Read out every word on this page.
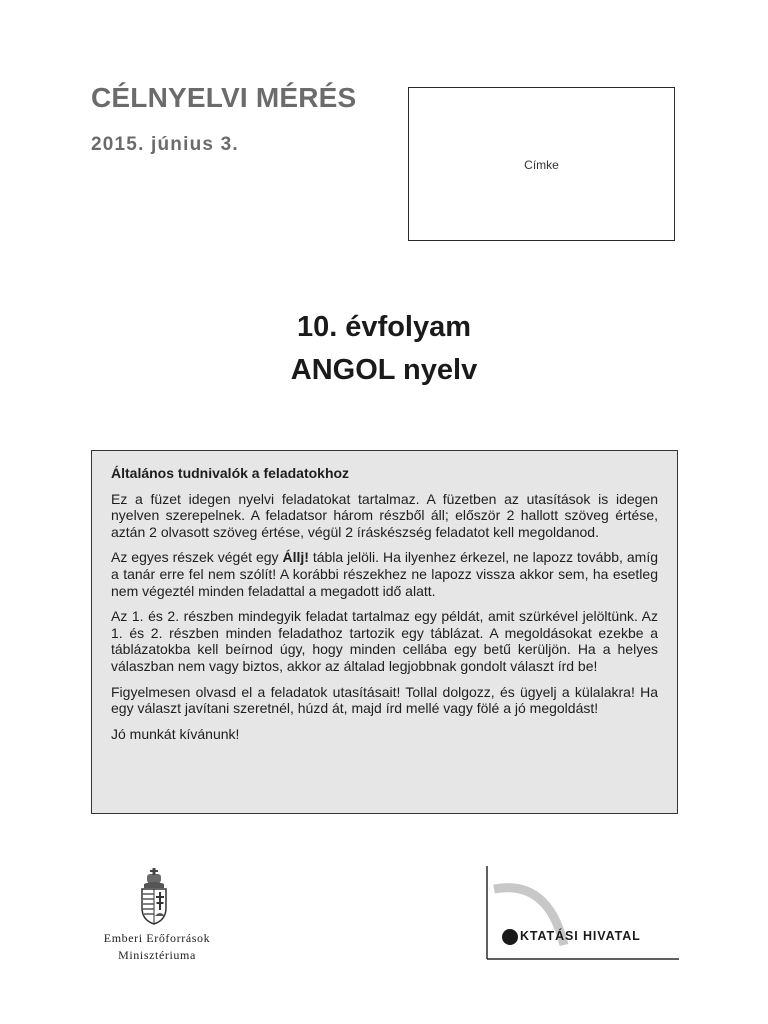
CÉLNYELVI MÉRÉS
2015. június 3.
Címke
10. évfolyam
ANGOL nyelv
Általános tudnivalók a feladatokhoz

Ez a füzet idegen nyelvi feladatokat tartalmaz. A füzetben az utasítások is idegen nyelven szerepelnek. A feladatsor három részből áll; először 2 hallott szöveg értése, aztán 2 olvasott szöveg értése, végül 2 íráskészség feladatot kell megoldanod.

Az egyes részek végét egy Állj! tábla jelöli. Ha ilyenhez érkezel, ne lapozz tovább, amíg a tanár erre fel nem szólít! A korábbi részekhez ne lapozz vissza akkor sem, ha esetleg nem végeztél minden feladattal a megadott idő alatt.

Az 1. és 2. részben mindegyik feladat tartalmaz egy példát, amit szürkével jelöltünk. Az 1. és 2. részben minden feladathoz tartozik egy táblázat. A megoldásokat ezekbe a táblázatokba kell beírnod úgy, hogy minden cellába egy betű kerüljön. Ha a helyes válaszban nem vagy biztos, akkor az általad legjobbnak gondolt választ írd be!

Figyelmesen olvasd el a feladatok utasításait! Tollal dolgozz, és ügyelj a külalakra! Ha egy választ javítani szeretnél, húzd át, majd írd mellé vagy fölé a jó megoldást!

Jó munkát kívánunk!

Emberi Erőforrások
Minisztériuma
KTATÁSI HIVATAL
